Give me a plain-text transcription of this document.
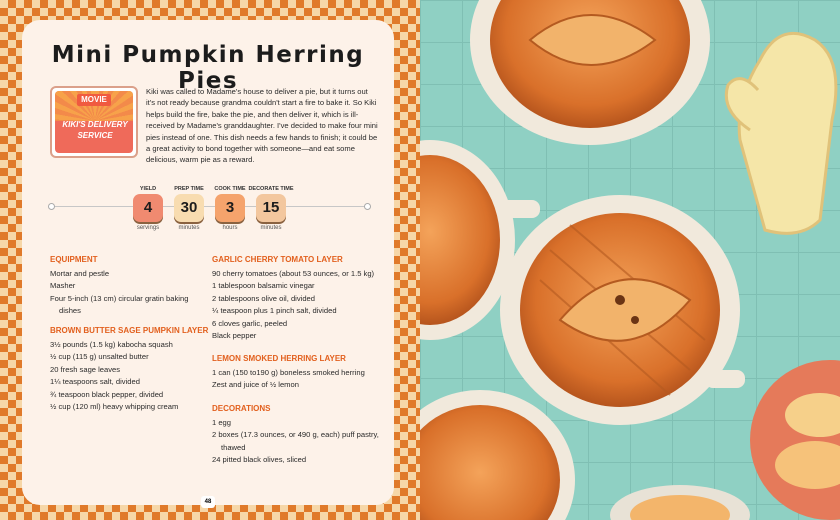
Mini Pumpkin Herring Pies
MOVIE
KIKI'S DELIVERY SERVICE

Kiki was called to Madame's house to deliver a pie, but it turns out it's not ready because grandma couldn't start a fire to bake it. So Kiki helps build the fire, bake the pie, and then deliver it, which is ill-received by Madame's granddaughter. I've decided to make four mini pies instead of one. This dish needs a few hands to finish; it could be a great activity to bond together with someone—and eat some delicious, warm pie as a reward.

YIELD
4
servings
PREP TIME
30
minutes
COOK TIME
3
hours
DECORATE TIME
15
minutes
EQUIPMENT
Mortar and pestle
Masher
Four 5-inch (13 cm) circular gratin baking dishes
BROWN BUTTER SAGE PUMPKIN LAYER
3½ pounds (1.5 kg) kabocha squash
½ cup (115 g) unsalted butter
20 fresh sage leaves
1¼ teaspoons salt, divided
¾ teaspoon black pepper, divided
½ cup (120 ml) heavy whipping cream
GARLIC CHERRY TOMATO LAYER
90 cherry tomatoes (about 53 ounces, or 1.5 kg)
1 tablespoon balsamic vinegar
2 tablespoons olive oil, divided
¼ teaspoon plus 1 pinch salt, divided
6 cloves garlic, peeled
Black pepper
LEMON SMOKED HERRING LAYER
1 can (150 to190 g) boneless smoked herring
Zest and juice of ½ lemon
DECORATIONS
1 egg
2 boxes (17.3 ounces, or 490 g, each) puff pastry, thawed
24 pitted black olives, sliced
48
